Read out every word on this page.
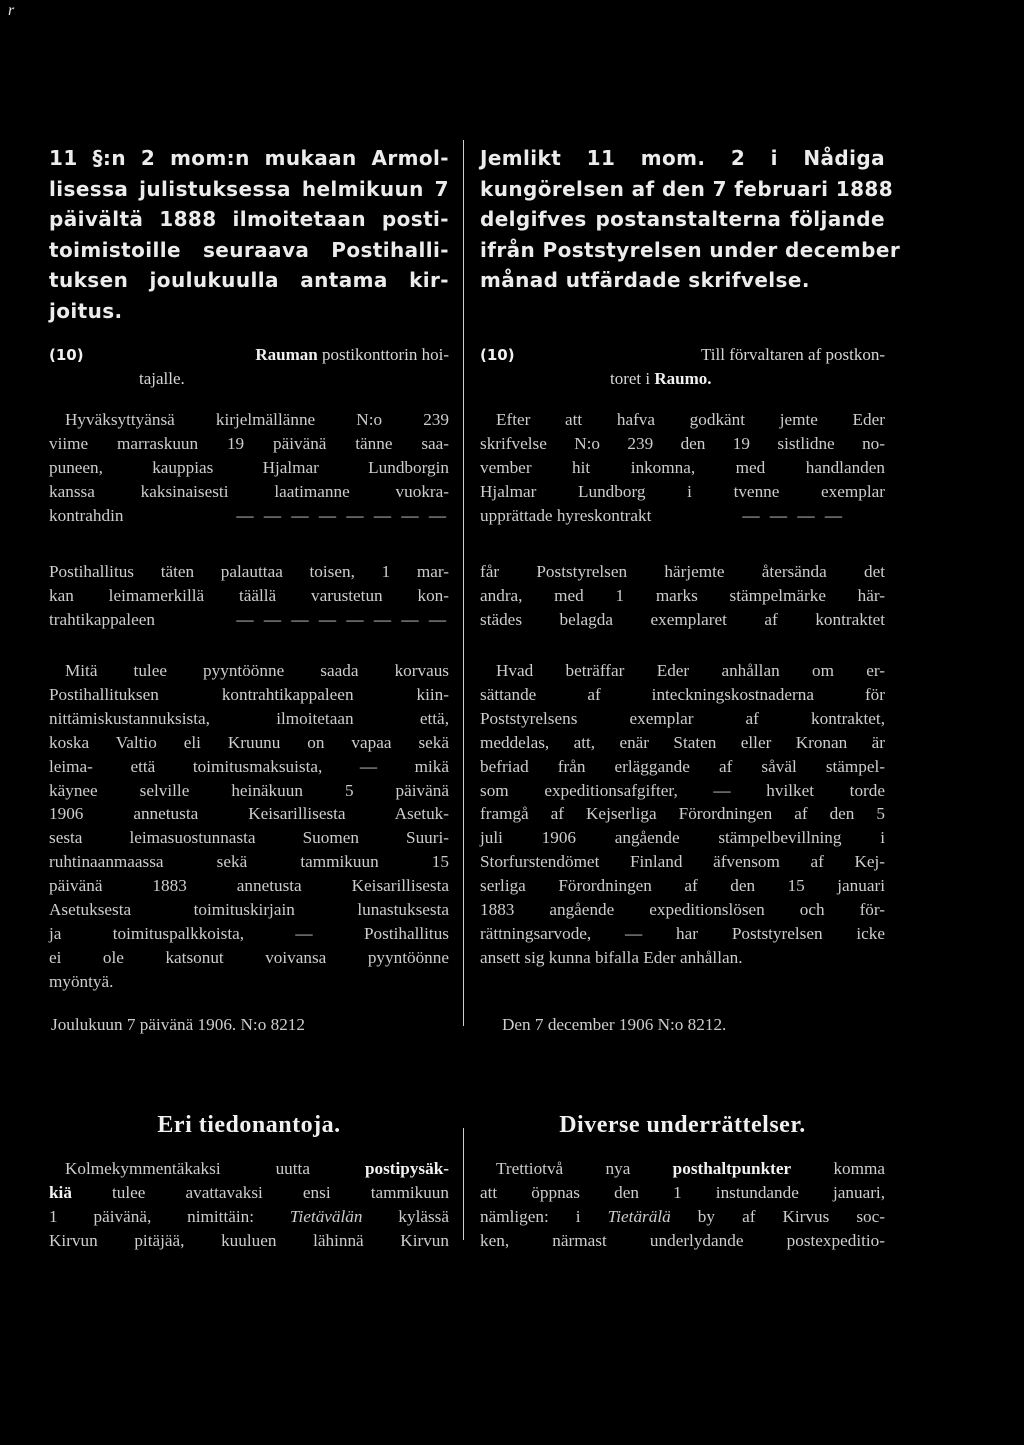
r
11 §:n 2 mom:n mukaan Armol-
lisessa julistuksessa helmikuun 7
päivältä 1888 ilmoitetaan posti-
toimistoille seuraava Postihalli-
tuksen joulukuulla antama kir-
joitus.
(10)	Rauman postikonttorin hoi-
tajalle.
Hyväksyttyänsä kirjelmällänne N:o 239
viime marraskuun 19 päivänä tänne saa-
puneen, kauppias Hjalmar Lundborgin
kanssa kaksinaisesti laatimanne vuokra-
kontrahdin	— — — — — — — —
Postihallitus täten palauttaa toisen, 1 mar-
kan leimamerkillä täällä varustetun kon-
trahtikappaleen	— — — — — — — —
Mitä tulee pyyntöönne saada korvaus
Postihallituksen kontrahtikappaleen kiin-
nittämiskustannuksista, ilmoitetaan että,
koska Valtio eli Kruunu on vapaa sekä
leima- että toimitusmaksuista, — mikä
käynee selville heinäkuun 5 päivänä
1906 annetusta Keisarillisesta Asetuk-
sesta leimasuostunnasta Suomen Suuri-
ruhtinaanmaassa sekä tammikuun 15
päivänä 1883 annetusta Keisarillisesta
Asetuksesta toimituskirjain lunastuksesta
ja toimituspalkkoista, — Postihallitus
ei ole katsonut voivansa pyyntöönne
myöntyä.
Joulukuun 7 päivänä 1906. N:o 8212
Eri tiedonantoja.
Kolmekymmentäkaksi uutta postipysäk-
kiä tulee avattavaksi ensi tammikuun
1 päivänä, nimittäin: Tietävälän kylässä
Kirvun pitäjää, kuuluen lähinnä Kirvun
Jemlikt 11 mom. 2 i Nådiga
kungörelsen af den 7 februari 1888
delgifves postanstalterna följande
ifrån Poststyrelsen under december
månad utfärdade skrifvelse.
(10)	Till förvaltaren af postkon-
toret i Raumo.
Efter att hafva godkänt jemte Eder
skrifvelse N:o 239 den 19 sistlidne no-
vember hit inkomna, med handlanden
Hjalmar Lundborg i tvenne exemplar
upprättade hyreskontrakt	— — — —
får Poststyrelsen härjemte återsända det
andra, med 1 marks stämpelmärke här-
städes belagda exemplaret af kontraktet
Hvad beträffar Eder anhållan om er-
sättande af inteckningskostnaderna för
Poststyrelsens exemplar af kontraktet,
meddelas, att, enär Staten eller Kronan är
befriad från erläggande af såväl stämpel-
som expeditionsafgifter, — hvilket torde
framgå af Kejserliga Förordningen af den 5
juli 1906 angående stämpelbevillning i
Storfurstendömet Finland äfvensom af Kej-
serliga Förordningen af den 15 januari
1883 angående expeditionslösen och för-
rättningsarvode, — har Poststyrelsen icke
ansett sig kunna bifalla Eder anhållan.
Den 7 december 1906 N:o 8212.
Diverse underrättelser.
Trettiotvå nya posthaltpunkter komma
att öppnas den 1 instundande januari,
nämligen: i Tietärälä by af Kirvus soc-
ken, närmast underlydande postexpeditio-
